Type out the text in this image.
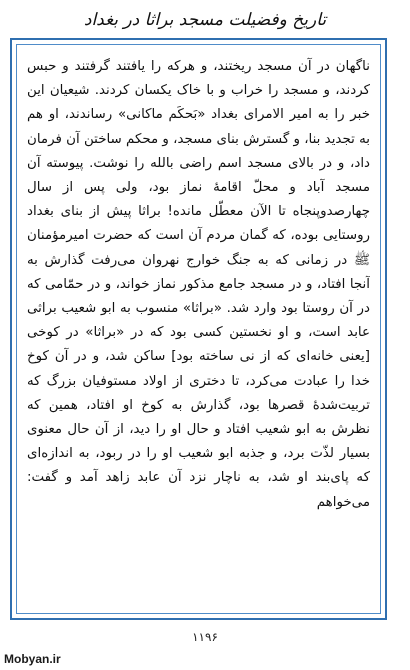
تاریخ وفضیلت مسجد براثا در بغداد

ناگهان در آن مسجد ریختند، و هرکه را یافتند گرفتند و حبس کردند، و مسجد را خراب و با خاک یکسان کردند. شیعیان این خبر را به امیر الامرای بغداد «بَحکَم ماکانی» رساندند، او هم به تجدید بنا، و گسترش بنای مسجد، و محکم ساختن آن فرمان داد، و در بالای مسجد اسم راضی بالله را نوشت. پیوسته آن مسجد آباد و محلّ اقامهٔ نماز بود، ولی پس از سال چهارصدوپنجاه تا الآن معطّل مانده! براثا پیش از بنای بغداد روستایی بوده، که گمان مردم آن است که حضرت امیرمؤمنان ﷺ در زمانی که به جنگ خوارج نهروان می‌رفت گذارش به آنجا افتاد، و در مسجد جامع مذکور نماز خواند، و در حمّامی که در آن روستا بود وارد شد. «براثا» منسوب به ابو شعیب براثی عابد است، و او نخستین کسی بود که در «براثا» در کوخی [یعنی خانه‌ای که از نی ساخته بود] ساکن شد، و در آن کوخ خدا را عبادت می‌کرد، تا دختری از اولاد مستوفیان بزرگ که تربیت‌شدهٔ قصرها بود، گذارش به کوخ او افتاد، همین که نظرش به ابو شعیب افتاد و حال او را دید، از آن حال معنوی بسیار لذّت برد، و جذبه ابو شعیب او را در ربود، به اندازه‌ای که پای‌بند او شد، به ناچار نزد آن عابد زاهد آمد و گفت: می‌خواهم

۱۱۹۶
Mobyan.ir
